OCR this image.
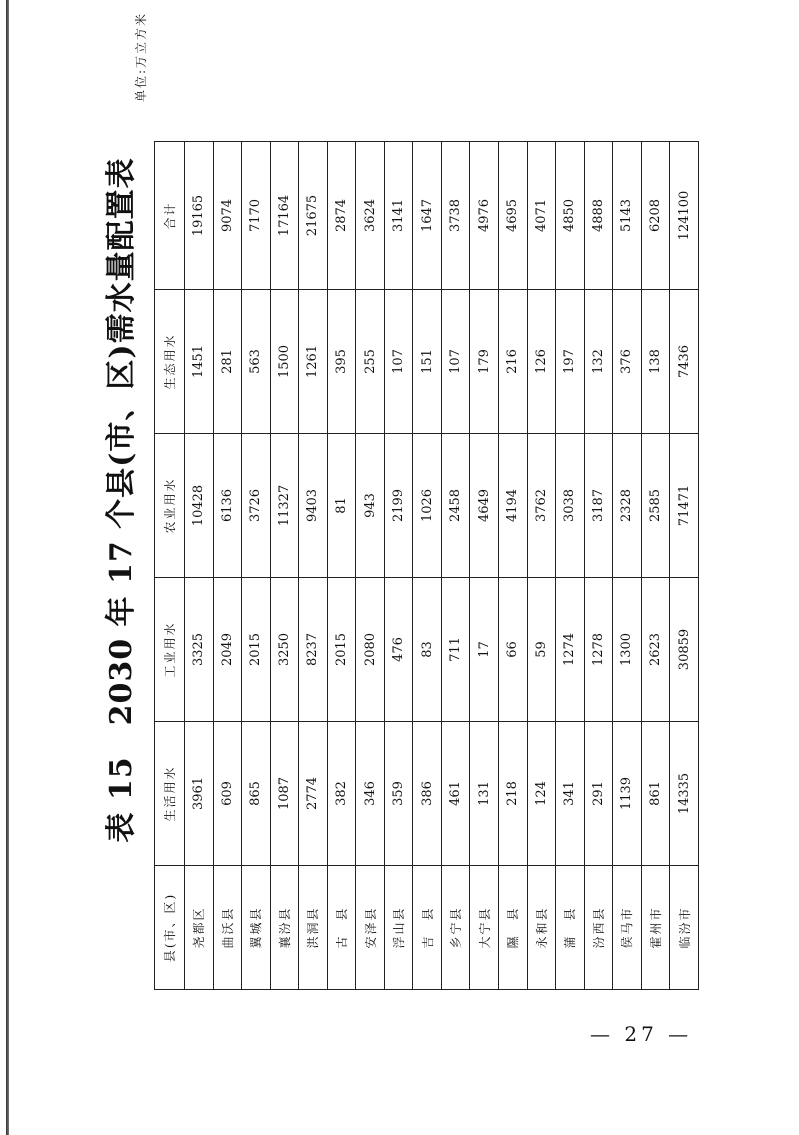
表 15　2030 年 17 个县(市、区)需水量配置表
单位:万立方米
县(市、区)	生活用水	工业用水	农业用水	生态用水	合计
尧都区	3961	3325	10428	1451	19165
曲沃县	609	2049	6136	281	9074
翼城县	865	2015	3726	563	7170
襄汾县	1087	3250	11327	1500	17164
洪洞县	2774	8237	9403	1261	21675
古　县	382	2015	81	395	2874
安泽县	346	2080	943	255	3624
浮山县	359	476	2199	107	3141
吉　县	386	83	1026	151	1647
乡宁县	461	711	2458	107	3738
大宁县	131	17	4649	179	4976
隰　县	218	66	4194	216	4695
永和县	124	59	3762	126	4071
蒲　县	341	1274	3038	197	4850
汾西县	291	1278	3187	132	4888
侯马市	1139	1300	2328	376	5143
霍州市	861	2623	2585	138	6208
临汾市	14335	30859	71471	7436	124100
— 27 —
